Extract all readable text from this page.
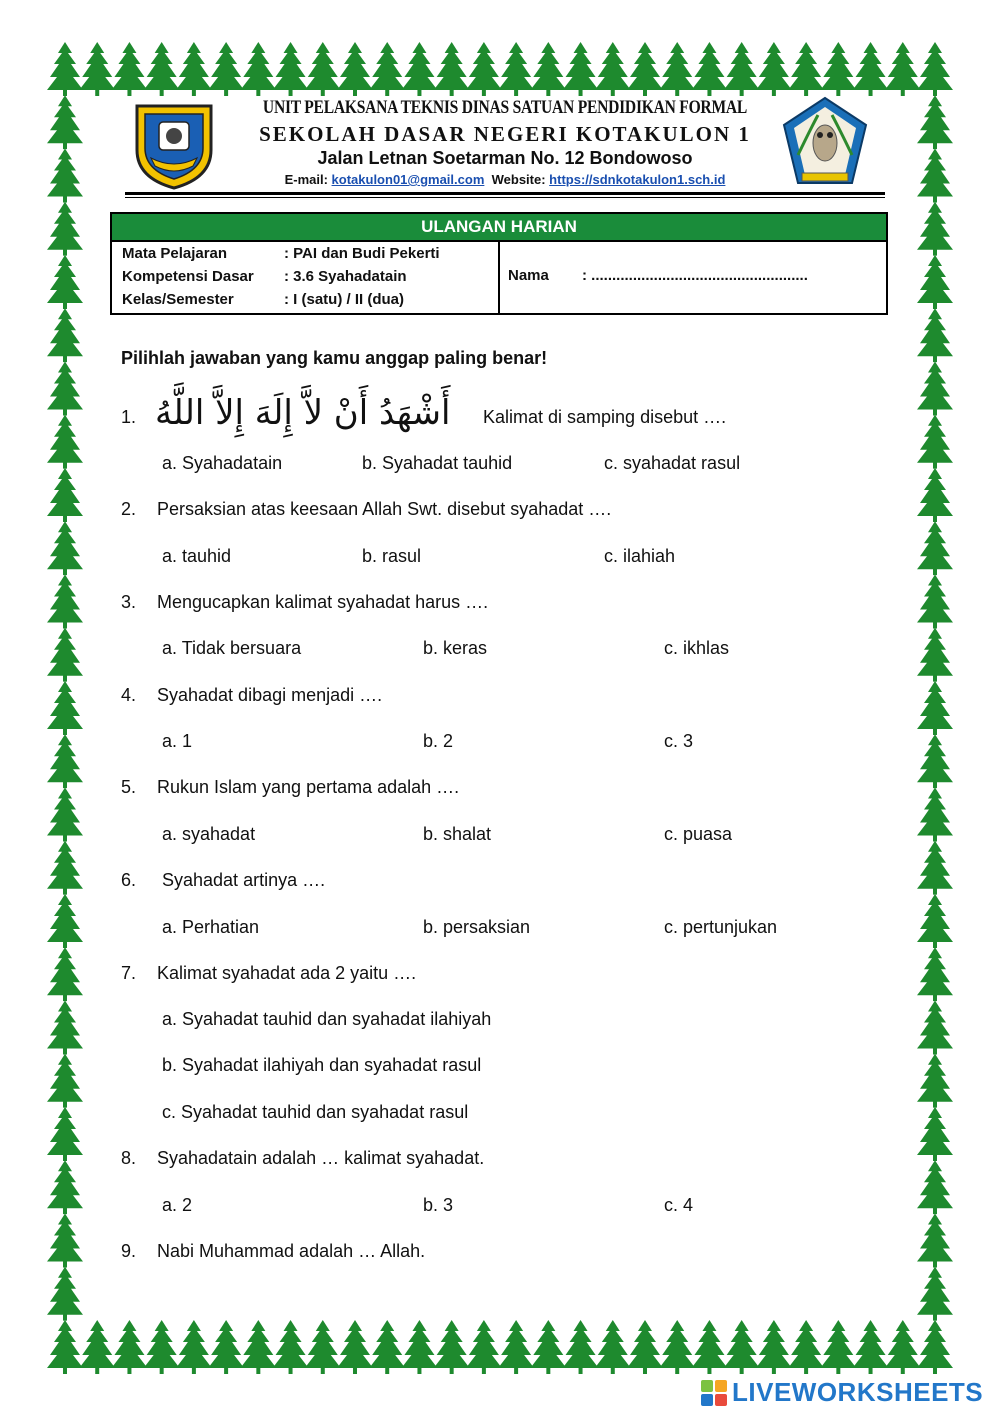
UNIT PELAKSANA TEKNIS DINAS SATUAN PENDIDIKAN FORMAL
SEKOLAH DASAR NEGERI KOTAKULON 1
Jalan Letnan Soetarman No. 12 Bondowoso
E-mail: kotakulon01@gmail.com Website: https://sdnkotakulon1.sch.id
ULANGAN HARIAN
Mata Pelajaran	: PAI dan Budi Pekerti
Kompetensi Dasar : 3.6 Syahadatain
Kelas/Semester	: I (satu) / II (dua)
Nama : ....................................................
Pilihlah jawaban yang kamu anggap paling benar!
1. أَشْهَدُ أَنْ لاَّ إِلَهَ إِلاَّ اللَّهُ Kalimat di samping disebut ….
a. Syahadatain	b. Syahadat tauhid	c. syahadat rasul
2. Persaksian atas keesaan Allah Swt. disebut syahadat ….
a. tauhid	b. rasul	c. ilahiah
3. Mengucapkan kalimat syahadat harus ….
a. Tidak bersuara	b. keras	c. ikhlas
4. Syahadat dibagi menjadi ….
a. 1	b. 2	c. 3
5. Rukun Islam yang pertama adalah ….
a. syahadat	b. shalat	c. puasa
6. Syahadat artinya ….
a. Perhatian	b. persaksian	c. pertunjukan
7. Kalimat syahadat ada 2 yaitu ….
a. Syahadat tauhid dan syahadat ilahiyah
b. Syahadat ilahiyah dan syahadat rasul
c. Syahadat tauhid dan syahadat rasul
8. Syahadatain adalah … kalimat syahadat.
a. 2	b. 3	c. 4
9. Nabi Muhammad adalah … Allah.
LIVEWORKSHEETS
